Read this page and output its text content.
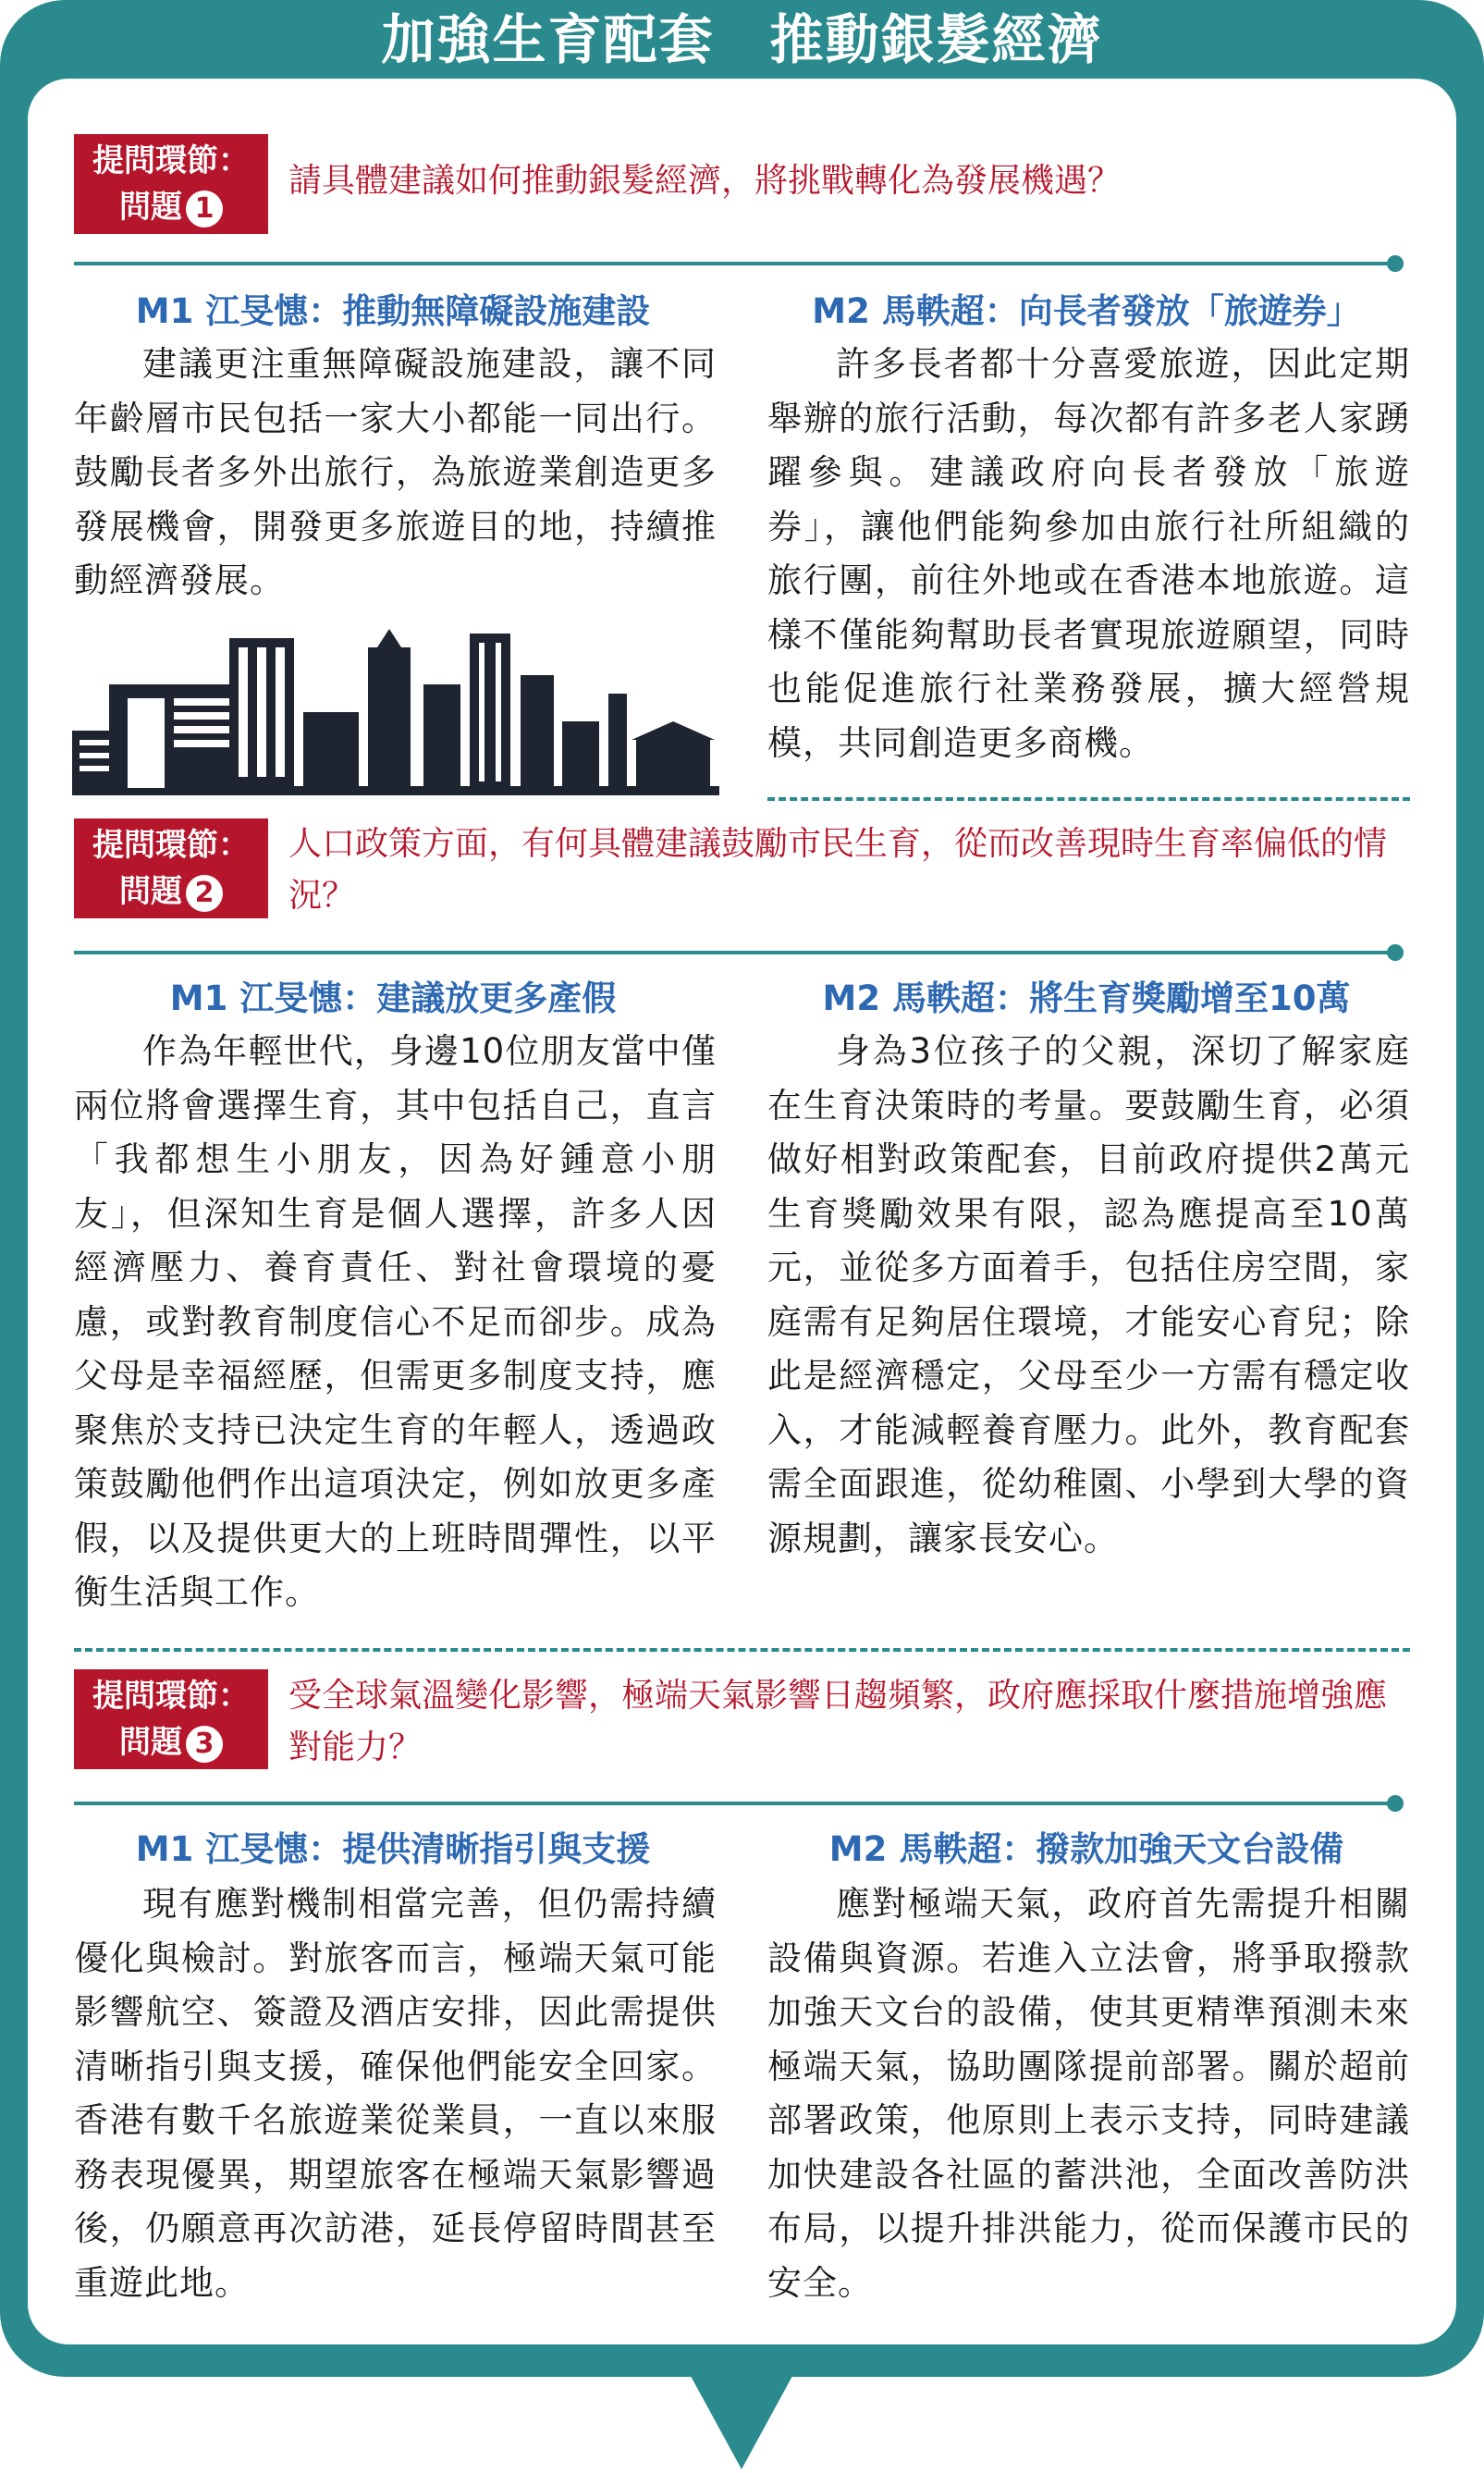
加強生育配套　推動銀髮經濟
提問環節：
問題 1
請具體建議如何推動銀髮經濟，將挑戰轉化為發展機遇？
M1 江旻憓：推動無障礙設施建設
建議更注重無障礙設施建設，讓不同年齡層市民包括一家大小都能一同出行。鼓勵長者多外出旅行，為旅遊業創造更多發展機會，開發更多旅遊目的地，持續推動經濟發展。
M2 馬軼超：向長者發放「旅遊券」
許多長者都十分喜愛旅遊，因此定期舉辦的旅行活動，每次都有許多老人家踴躍參與。建議政府向長者發放「旅遊券」，讓他們能夠參加由旅行社所組織的旅行團，前往外地或在香港本地旅遊。這樣不僅能夠幫助長者實現旅遊願望，同時也能促進旅行社業務發展，擴大經營規模，共同創造更多商機。
提問環節：
問題 2
人口政策方面，有何具體建議鼓勵市民生育，從而改善現時生育率偏低的情況？
M1 江旻憓：建議放更多產假
作為年輕世代，身邊10位朋友當中僅兩位將會選擇生育，其中包括自己，直言「我都想生小朋友，因為好鍾意小朋友」，但深知生育是個人選擇，許多人因經濟壓力、養育責任、對社會環境的憂慮，或對教育制度信心不足而卻步。成為父母是幸福經歷，但需更多制度支持，應聚焦於支持已決定生育的年輕人，透過政策鼓勵他們作出這項決定，例如放更多產假，以及提供更大的上班時間彈性，以平衡生活與工作。
M2 馬軼超：將生育獎勵增至10萬
身為3位孩子的父親，深切了解家庭在生育決策時的考量。要鼓勵生育，必須做好相對政策配套，目前政府提供2萬元生育獎勵效果有限，認為應提高至10萬元，並從多方面着手，包括住房空間，家庭需有足夠居住環境，才能安心育兒；除此是經濟穩定，父母至少一方需有穩定收入，才能減輕養育壓力。此外，教育配套需全面跟進，從幼稚園、小學到大學的資源規劃，讓家長安心。
提問環節：
問題 3
受全球氣溫變化影響，極端天氣影響日趨頻繁，政府應採取什麼措施增強應對能力？
M1 江旻憓：提供清晰指引與支援
現有應對機制相當完善，但仍需持續優化與檢討。對旅客而言，極端天氣可能影響航空、簽證及酒店安排，因此需提供清晰指引與支援，確保他們能安全回家。香港有數千名旅遊業從業員，一直以來服務表現優異，期望旅客在極端天氣影響過後，仍願意再次訪港，延長停留時間甚至重遊此地。
M2 馬軼超：撥款加強天文台設備
應對極端天氣，政府首先需提升相關設備與資源。若進入立法會，將爭取撥款加強天文台的設備，使其更精準預測未來極端天氣，協助團隊提前部署。關於超前部署政策，他原則上表示支持，同時建議加快建設各社區的蓄洪池，全面改善防洪布局，以提升排洪能力，從而保護市民的安全。
